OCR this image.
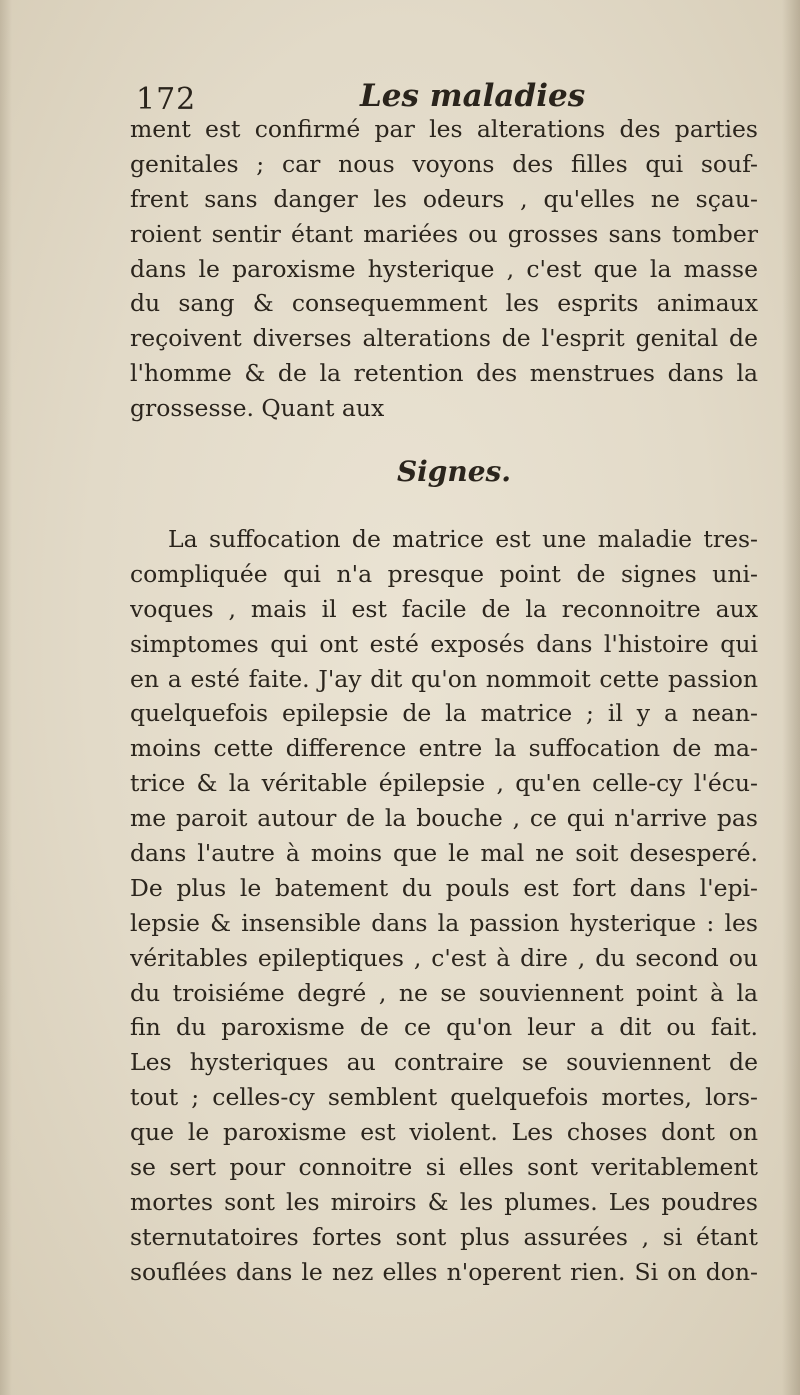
172	Les maladies
ment est confirmé par les alterations des parties
genitales ; car nous voyons des filles qui souf-
frent sans danger les odeurs , qu'elles ne sçau-
roient sentir étant mariées ou grosses sans tomber
dans le paroxisme hysterique , c'est que la masse
du sang & consequemment les esprits animaux
reçoivent diverses alterations de l'esprit genital de
l'homme & de la retention des menstrues dans la
grossesse. Quant aux
Signes.
La suffocation de matrice est une maladie tres-
compliquée qui n'a presque point de signes uni-
voques , mais il est facile de la reconnoitre aux
simptomes qui ont esté exposés dans l'histoire qui
en a esté faite. J'ay dit qu'on nommoit cette passion
quelquefois epilepsie de la matrice ; il y a nean-
moins cette difference entre la suffocation de ma-
trice & la véritable épilepsie , qu'en celle-cy l'écu-
me paroit autour de la bouche , ce qui n'arrive pas
dans l'autre à moins que le mal ne soit desesperé.
De plus le batement du pouls est fort dans l'epi-
lepsie & insensible dans la passion hysterique : les
véritables epileptiques , c'est à dire , du second ou
du troisiéme degré , ne se souviennent point à la
fin du paroxisme de ce qu'on leur a dit ou fait.
Les hysteriques au contraire se souviennent de
tout ; celles-cy semblent quelquefois mortes, lors-
que le paroxisme est violent. Les choses dont on
se sert pour connoitre si elles sont veritablement
mortes sont les miroirs & les plumes. Les poudres
sternutatoires fortes sont plus assurées , si étant
souflées dans le nez elles n'operent rien. Si on don-
